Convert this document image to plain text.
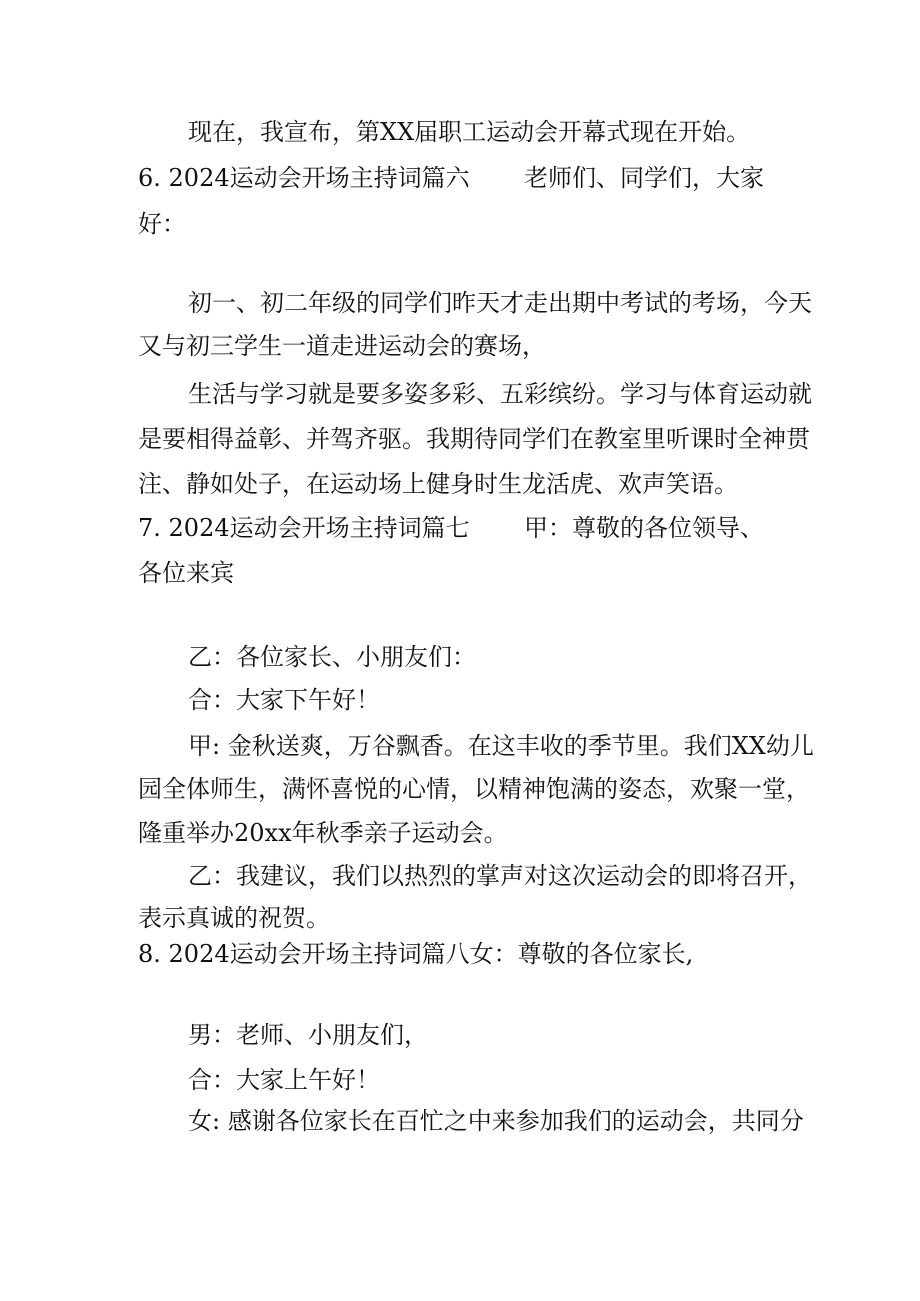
现在，我宣布，第XX届职工运动会开幕式现在开始。

6. 2024运动会开场主持词篇六 老师们、同学们，大家

好：

初一、初二年级的同学们昨天才走出期中考试的考场，今天

又与初三学生一道走进运动会的赛场，

生活与学习就是要多姿多彩、五彩缤纷。学习与体育运动就

是要相得益彰、并驾齐驱。我期待同学们在教室里听课时全神贯

注、静如处子，在运动场上健身时生龙活虎、欢声笑语。

7. 2024运动会开场主持词篇七 甲：尊敬的各位领导、

各位来宾

乙：各位家长、小朋友们：

合：大家下午好！

甲: 金秋送爽，万谷飘香。在这丰收的季节里。我们XX幼儿

园全体师生，满怀喜悦的心情，以精神饱满的姿态，欢聚一堂，

隆重举办20xx年秋季亲子运动会。

乙：我建议，我们以热烈的掌声对这次运动会的即将召开，

表示真诚的祝贺。

8. 2024运动会开场主持词篇八女：尊敬的各位家长,

男：老师、小朋友们，

合：大家上午好！

女: 感谢各位家长在百忙之中来参加我们的运动会，共同分
